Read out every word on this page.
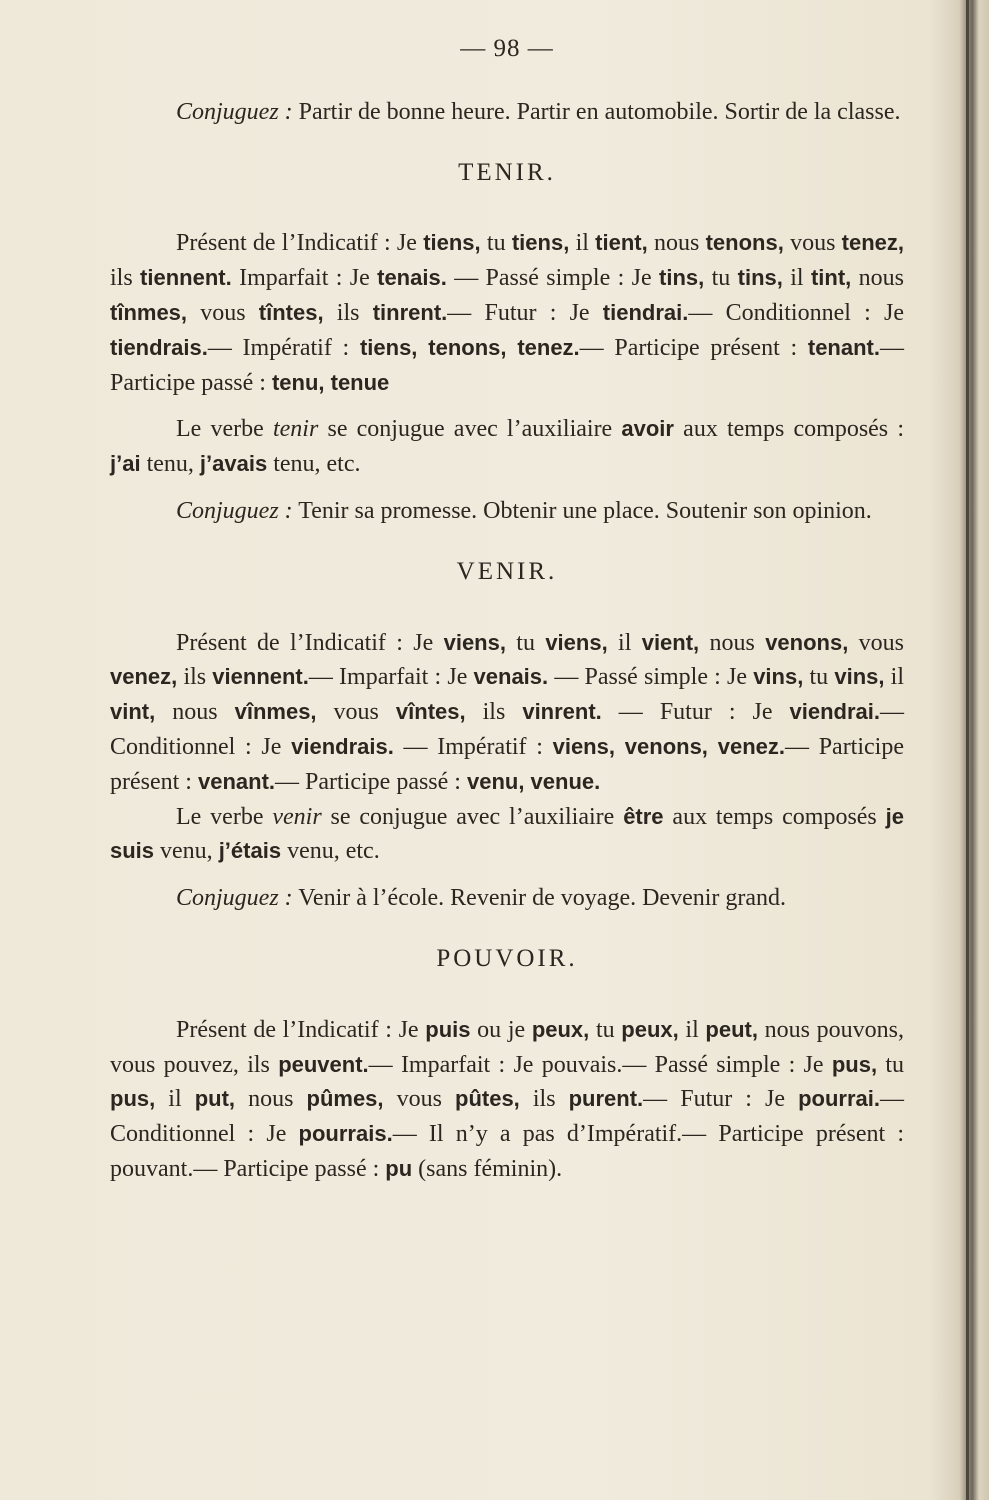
— 98 —

Conjuguez : Partir de bonne heure. Partir en automobile. Sortir de la classe.

TENIR.

Présent de l’Indicatif : Je tiens, tu tiens, il tient, nous tenons, vous tenez, ils tiennent. Imparfait : Je tenais. — Passé simple : Je tins, tu tins, il tint, nous tînmes, vous tîntes, ils tinrent.— Futur : Je tiendrai.— Conditionnel : Je tiendrais.— Impératif : tiens, tenons, tenez.— Participe présent : tenant.— Participe passé : tenu, tenue

Le verbe tenir se conjugue avec l’auxiliaire avoir aux temps composés : j’ai tenu, j’avais tenu, etc.

Conjuguez : Tenir sa promesse. Obtenir une place. Soutenir son opinion.

VENIR.

Présent de l’Indicatif : Je viens, tu viens, il vient, nous venons, vous venez, ils viennent.— Imparfait : Je venais. — Passé simple : Je vins, tu vins, il vint, nous vînmes, vous vîntes, ils vinrent. — Futur : Je viendrai.— Conditionnel : Je viendrais. — Impératif : viens, venons, venez.— Participe présent : venant.— Participe passé : venu, venue.

Le verbe venir se conjugue avec l’auxiliaire être aux temps composés je suis venu, j’étais venu, etc.

Conjuguez : Venir à l’école. Revenir de voyage. Devenir grand.

POUVOIR.

Présent de l’Indicatif : Je puis ou je peux, tu peux, il peut, nous pouvons, vous pouvez, ils peuvent.— Imparfait : Je pouvais.— Passé simple : Je pus, tu pus, il put, nous pûmes, vous pûtes, ils purent.— Futur : Je pourrai.— Conditionnel : Je pourrais.— Il n’y a pas d’Impératif.— Participe présent : pouvant.— Participe passé : pu (sans féminin).
